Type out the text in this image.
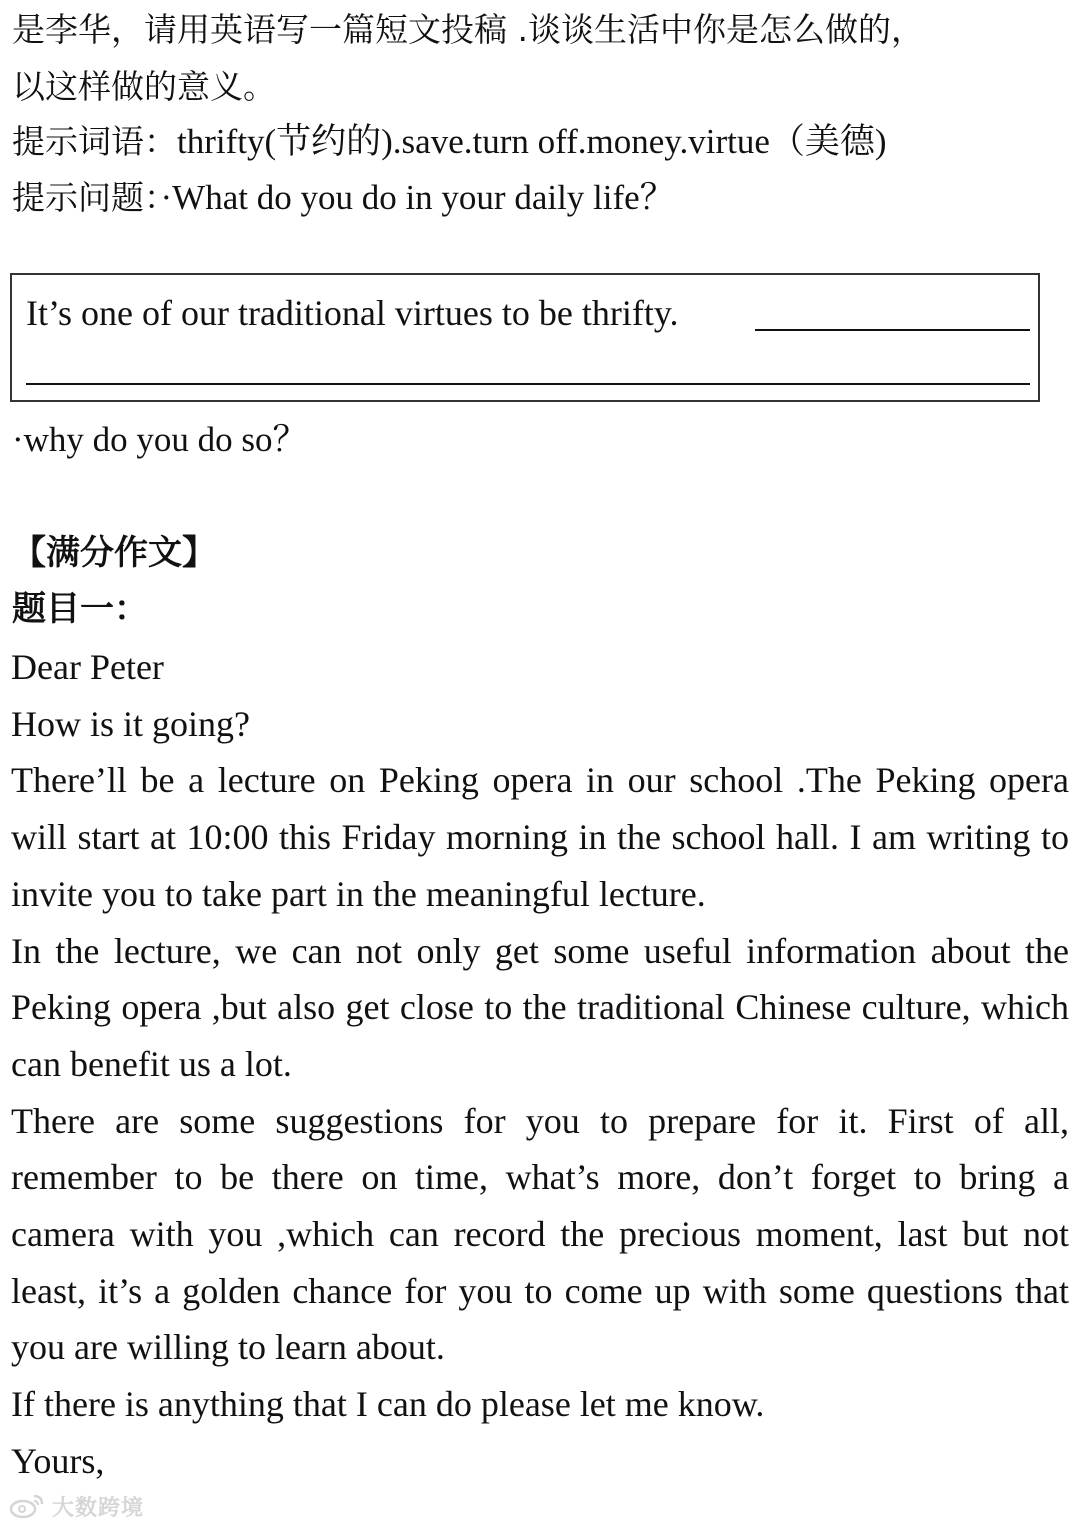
是李华，请用英语写一篇短文投稿 .谈谈生活中你是怎么做的，
以这样做的意义。
提示词语：thrifty(节约的).save.turn off.money.virtue（美德)
提示问题：·What do you do in your daily life？
It’s one of our traditional virtues to be thrifty.
·why do you do so？
【满分作文】
题目一：

Dear Peter

How is it going?

There’ll be a lecture on Peking opera in our school .The Peking opera will start at 10:00 this Friday morning in the school hall. I am writing to invite you to take part in the meaningful lecture.

In the lecture, we can not only get some useful information about the Peking opera ,but also get close to the traditional Chinese culture, which can benefit us a lot.

There are some suggestions for you to prepare for it. First of all, remember to be there on time, what’s more, don’t forget to bring a camera with you ,which can record the precious moment, last but not least, it’s a golden chance for you to come up with some questions that you are willing to learn about.

If there is anything that I can do please let me know.

Yours,

大数跨境
